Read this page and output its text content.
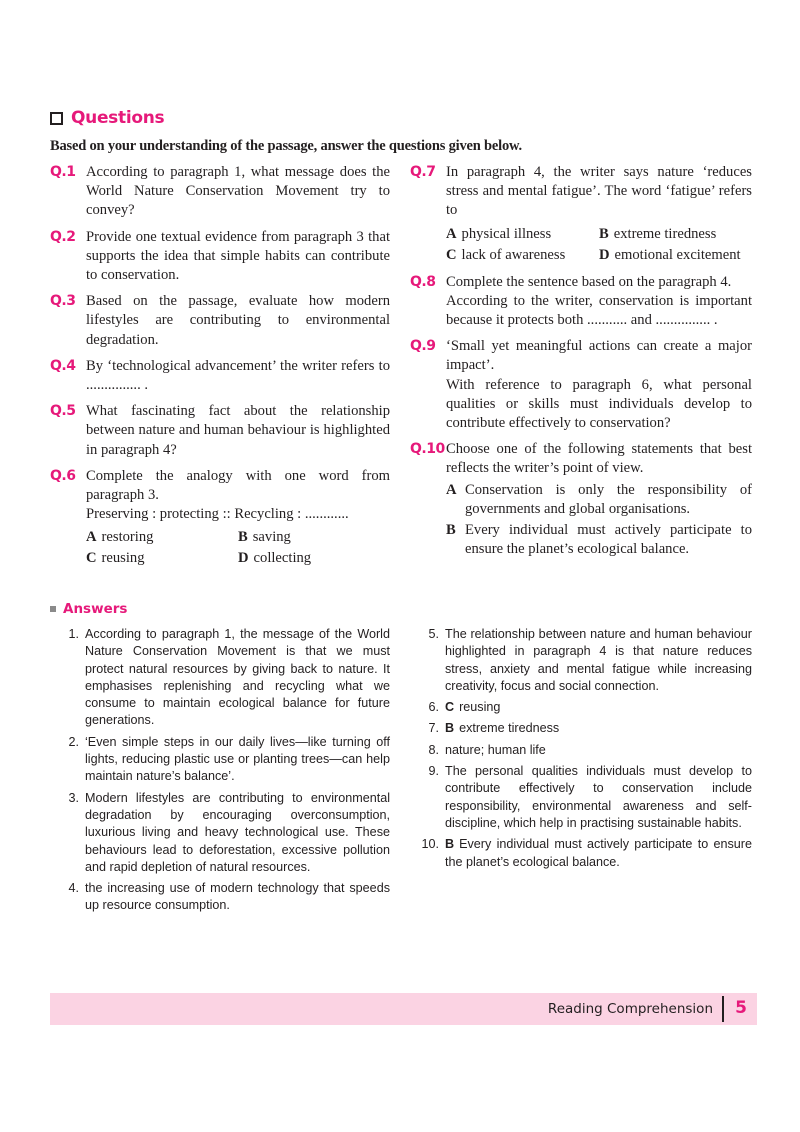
Questions
Based on your understanding of the passage, answer the questions given below.
Q.1 According to paragraph 1, what message does the World Nature Conservation Movement try to convey?

Q.2 Provide one textual evidence from paragraph 3 that supports the idea that simple habits can contribute to conservation.

Q.3 Based on the passage, evaluate how modern lifestyles are contributing to environmental degradation.

Q.4 By ‘technological advancement’ the writer refers to ............... .

Q.5 What fascinating fact about the relationship between nature and human behaviour is highlighted in paragraph 4?

Q.6 Complete the analogy with one word from paragraph 3.

Preserving : protecting :: Recycling : ............

A restoring	B saving
C reusing	D collecting
Q.7 In paragraph 4, the writer says nature ‘reduces stress and mental fatigue’. The word ‘fatigue’ refers to

A physical illness	B extreme tiredness
C lack of awareness	D emotional excitement
Q.8 Complete the sentence based on the paragraph 4.

According to the writer, conservation is important because it protects both ........... and ............... .

Q.9 ‘Small yet meaningful actions can create a major impact’.

With reference to paragraph 6, what personal qualities or skills must individuals develop to contribute effectively to conservation?

Q.10 Choose one of the following statements that best reflects the writer’s point of view.

A Conservation is only the responsibility of governments and global organisations.
B Every individual must actively participate to ensure the planet’s ecological balance.
Answers
1. According to paragraph 1, the message of the World Nature Conservation Movement is that we must protect natural resources by giving back to nature. It emphasises replenishing and recycling what we consume to maintain ecological balance for future generations.
2. ‘Even simple steps in our daily lives—like turning off lights, reducing plastic use or planting trees—can help maintain nature’s balance’.
3. Modern lifestyles are contributing to environmental degradation by encouraging overconsumption, luxurious living and heavy technological use. These behaviours lead to deforestation, excessive pollution and rapid depletion of natural resources.
4. the increasing use of modern technology that speeds up resource consumption.
5. The relationship between nature and human behaviour highlighted in paragraph 4 is that nature reduces stress, anxiety and mental fatigue while increasing creativity, focus and social connection.
6. C reusing
7. B extreme tiredness
8. nature; human life
9. The personal qualities individuals must develop to contribute effectively to conservation include responsibility, environmental awareness and self-discipline, which help in practising sustainable habits.
10. B Every individual must actively participate to ensure the planet’s ecological balance.
Reading Comprehension 5
